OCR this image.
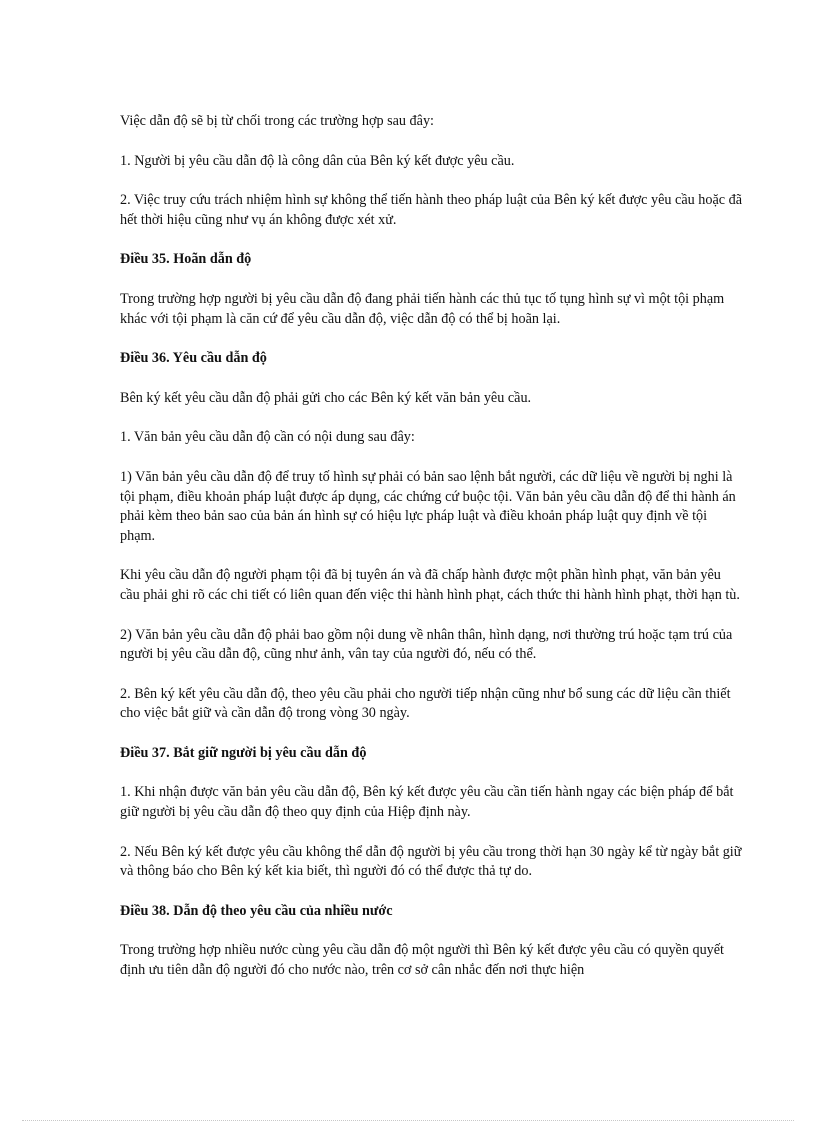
Việc dẫn độ sẽ bị từ chối trong các trường hợp sau đây:

1. Người bị yêu cầu dẫn độ là công dân của Bên ký kết được yêu cầu.

2. Việc truy cứu trách nhiệm hình sự không thể tiến hành theo pháp luật của Bên ký kết được yêu cầu hoặc đã hết thời hiệu cũng như vụ án không được xét xử.

Điều 35. Hoãn dẫn độ

Trong trường hợp người bị yêu cầu dẫn độ đang phải tiến hành các thủ tục tố tụng hình sự vì một tội phạm khác với tội phạm là căn cứ để yêu cầu dẫn độ, việc dẫn độ có thể bị hoãn lại.

Điều 36. Yêu cầu dẫn độ

Bên ký kết yêu cầu dẫn độ phải gửi cho các Bên ký kết văn bản yêu cầu.

1. Văn bản yêu cầu dẫn độ cần có nội dung sau đây:

1) Văn bản yêu cầu dẫn độ để truy tố hình sự phải có bản sao lệnh bắt người, các dữ liệu về người bị nghi là tội phạm, điều khoản pháp luật được áp dụng, các chứng cứ buộc tội. Văn bản yêu cầu dẫn độ để thi hành án phải kèm theo bản sao của bản án hình sự có hiệu lực pháp luật và điều khoản pháp luật quy định về tội phạm.

Khi yêu cầu dẫn độ người phạm tội đã bị tuyên án và đã chấp hành được một phần hình phạt, văn bản yêu cầu phải ghi rõ các chi tiết có liên quan đến việc thi hành hình phạt, cách thức thi hành hình phạt, thời hạn tù.

2) Văn bản yêu cầu dẫn độ phải bao gồm nội dung về nhân thân, hình dạng, nơi thường trú hoặc tạm trú của người bị yêu cầu dẫn độ, cũng như ảnh, vân tay của người đó, nếu có thể.

2. Bên ký kết yêu cầu dẫn độ, theo yêu cầu phải cho người tiếp nhận cũng như bổ sung các dữ liệu cần thiết cho việc bắt giữ và cần dẫn độ trong vòng 30 ngày.

Điều 37. Bắt giữ người bị yêu cầu dẫn độ

1. Khi nhận được văn bản yêu cầu dẫn độ, Bên ký kết được yêu cầu cần tiến hành ngay các biện pháp để bắt giữ người bị yêu cầu dẫn độ theo quy định của Hiệp định này.

2. Nếu Bên ký kết được yêu cầu không thể dẫn độ người bị yêu cầu trong thời hạn 30 ngày kể từ ngày bắt giữ và thông báo cho Bên ký kết kia biết, thì người đó có thể được thả tự do.

Điều 38. Dẫn độ theo yêu cầu của nhiều nước

Trong trường hợp nhiều nước cùng yêu cầu dẫn độ một người thì Bên ký kết được yêu cầu có quyền quyết định ưu tiên dẫn độ người đó cho nước nào, trên cơ sở cân nhắc đến nơi thực hiện
